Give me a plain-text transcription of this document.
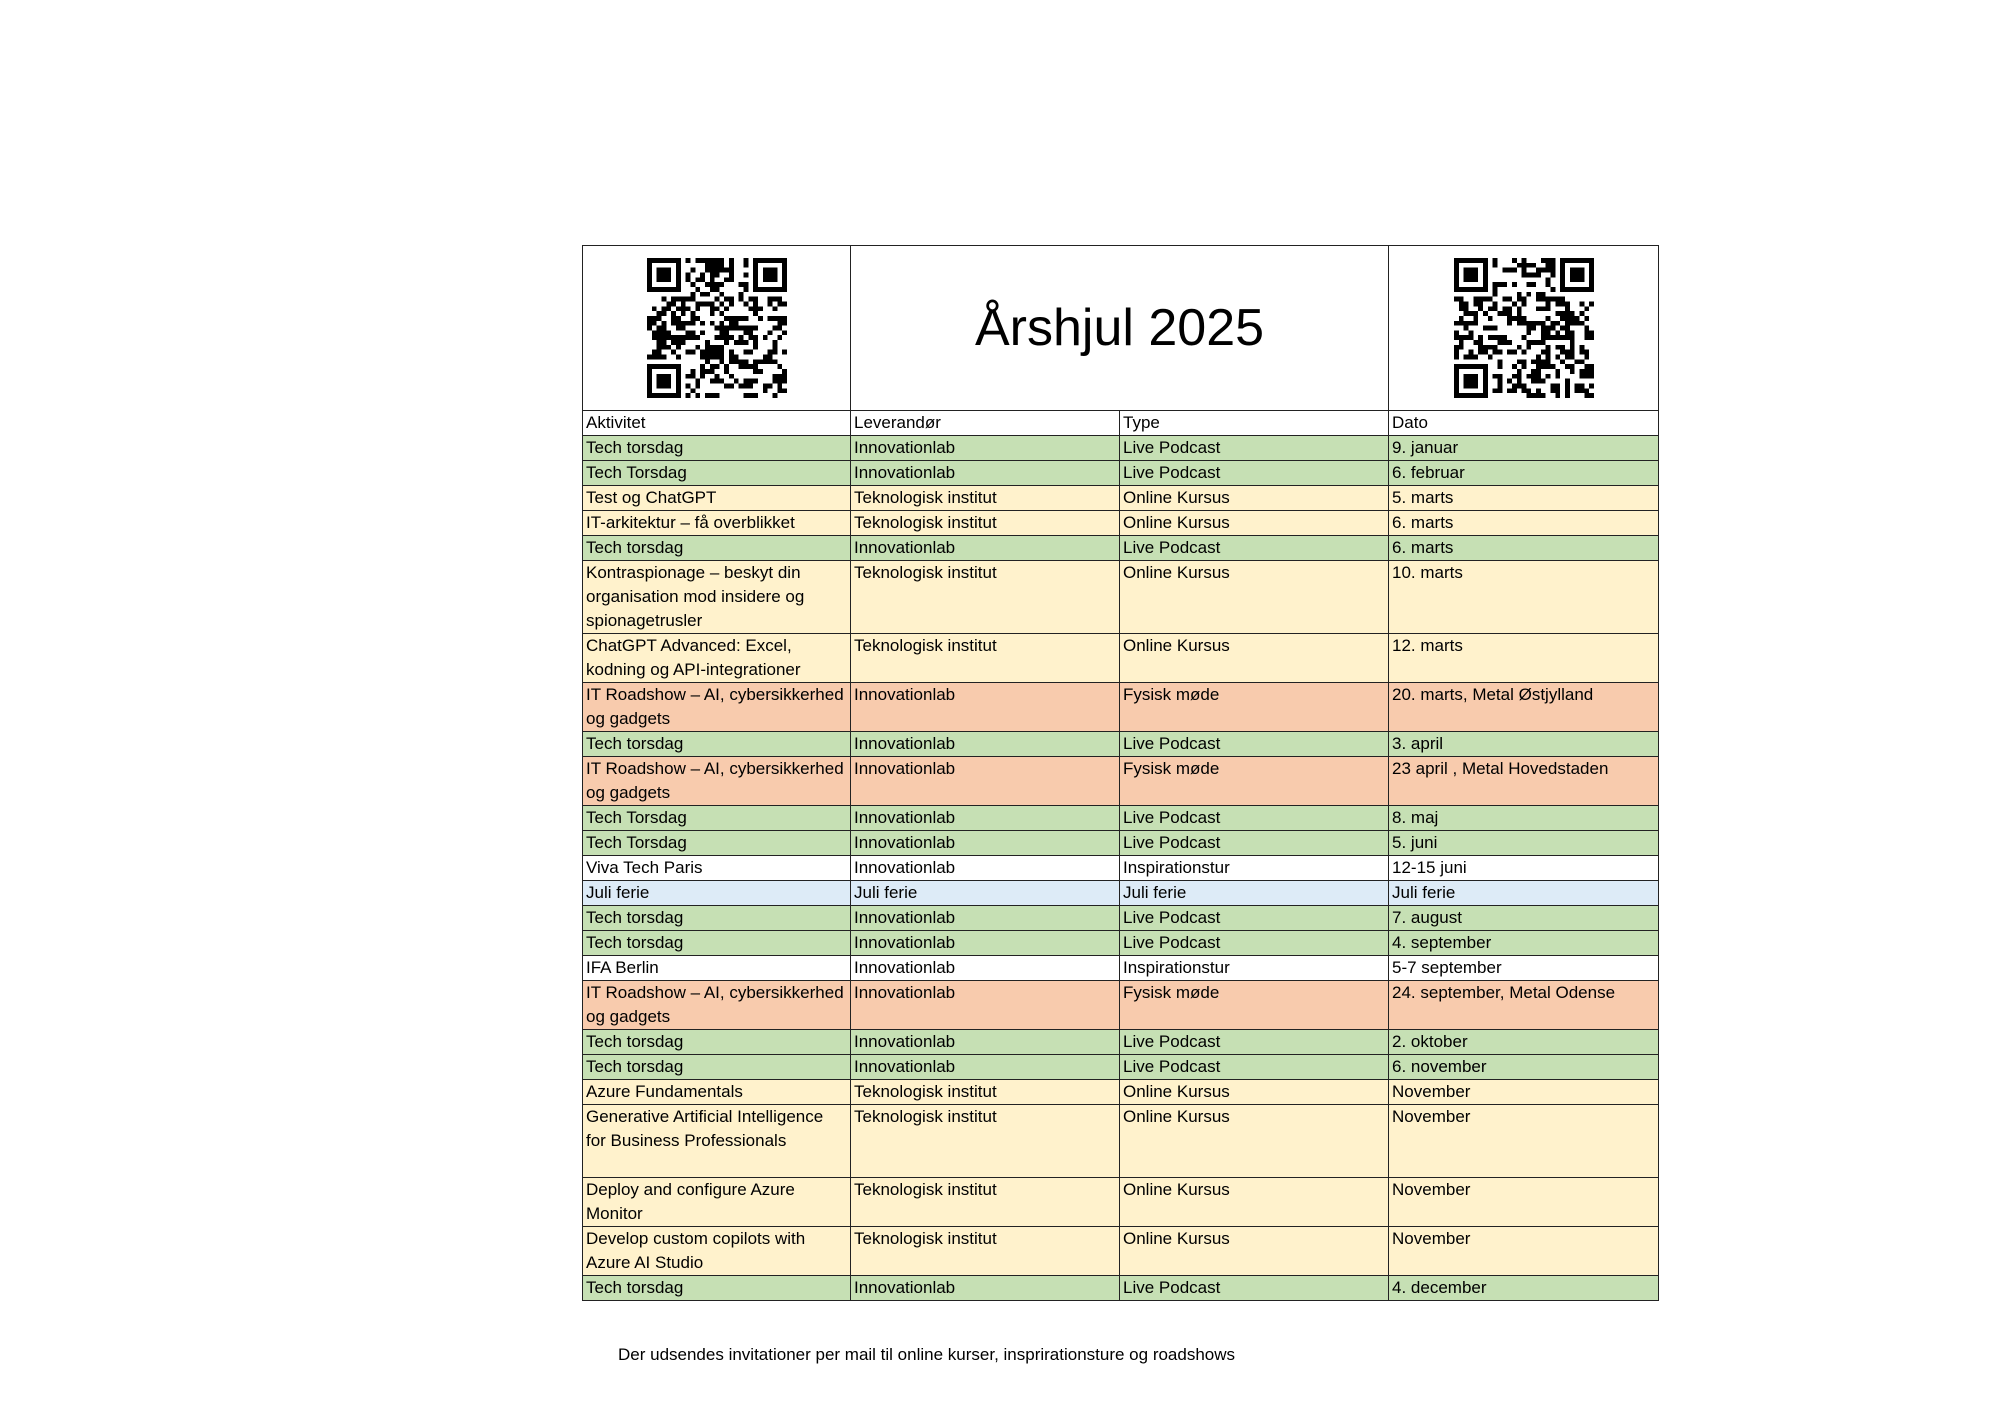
	Årshjul 2025	
Aktivitet	Leverandør	Type	Dato
Tech torsdag	Innovationlab	Live Podcast	9. januar
Tech Torsdag	Innovationlab	Live Podcast	6. februar
Test og ChatGPT	Teknologisk institut	Online Kursus	5. marts
IT-arkitektur – få overblikket	Teknologisk institut	Online Kursus	6. marts
Tech torsdag	Innovationlab	Live Podcast	6. marts
Kontraspionage – beskyt din organisation mod insidere og spionagetrusler	Teknologisk institut	Online Kursus	10. marts
ChatGPT Advanced: Excel, kodning og API-integrationer	Teknologisk institut	Online Kursus	12. marts
IT Roadshow – AI, cybersikkerhed og gadgets	Innovationlab	Fysisk møde	20. marts, Metal Østjylland
Tech torsdag	Innovationlab	Live Podcast	3. april
IT Roadshow – AI, cybersikkerhed og gadgets	Innovationlab	Fysisk møde	23 april , Metal Hovedstaden
Tech Torsdag	Innovationlab	Live Podcast	8. maj
Tech Torsdag	Innovationlab	Live Podcast	5. juni
Viva Tech Paris	Innovationlab	Inspirationstur	12-15 juni
Juli ferie	Juli ferie	Juli ferie	Juli ferie
Tech torsdag	Innovationlab	Live Podcast	7. august
Tech torsdag	Innovationlab	Live Podcast	4. september
IFA Berlin	Innovationlab	Inspirationstur	5-7 september
IT Roadshow – AI, cybersikkerhed og gadgets	Innovationlab	Fysisk møde	24. september, Metal Odense
Tech torsdag	Innovationlab	Live Podcast	2. oktober
Tech torsdag	Innovationlab	Live Podcast	6. november
Azure Fundamentals	Teknologisk institut	Online Kursus	November
Generative Artificial Intelligence for Business Professionals	Teknologisk institut	Online Kursus	November
Deploy and configure Azure Monitor	Teknologisk institut	Online Kursus	November
Develop custom copilots with Azure AI Studio	Teknologisk institut	Online Kursus	November
Tech torsdag	Innovationlab	Live Podcast	4. december
Der udsendes invitationer per mail til online kurser, insprirationsture og roadshows
